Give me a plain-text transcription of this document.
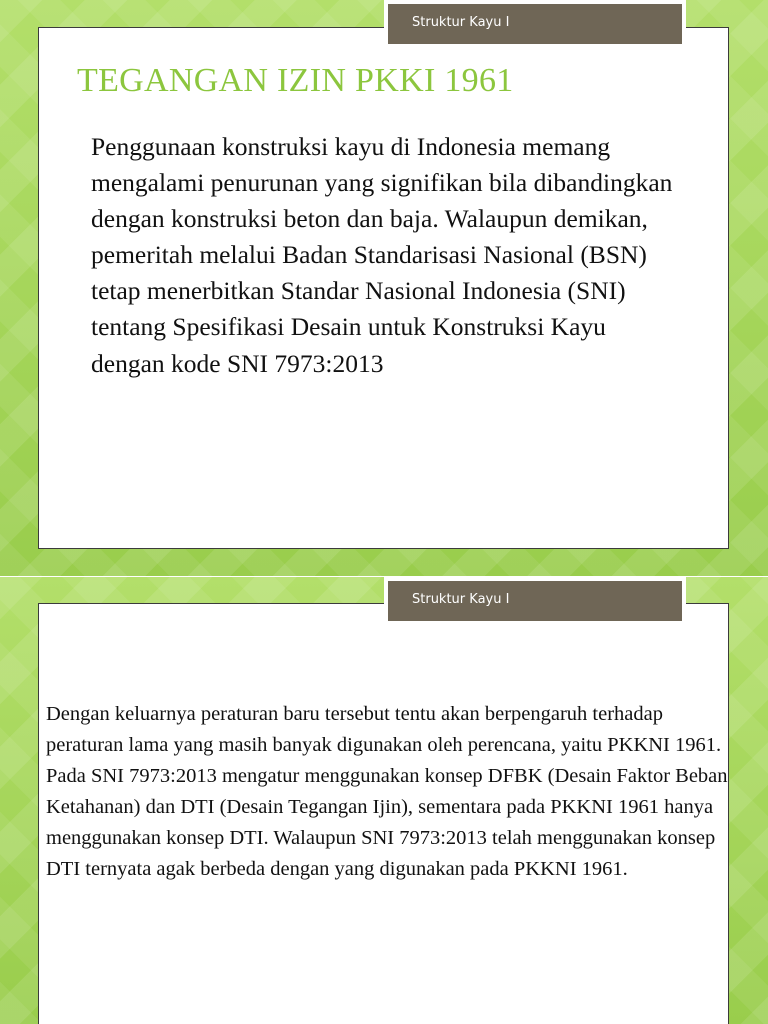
TEGANGAN IZIN PKKI 1961

Penggunaan konstruksi kayu di Indonesia memang mengalami penurunan yang signifikan bila dibandingkan dengan konstruksi beton dan baja. Walaupun demikan, pemeritah melalui Badan Standarisasi Nasional (BSN) tetap menerbitkan Standar Nasional Indonesia (SNI) tentang Spesifikasi Desain untuk Konstruksi Kayu dengan kode SNI 7973:2013

Struktur Kayu I

Dengan keluarnya peraturan baru tersebut tentu akan berpengaruh terhadap peraturan lama yang masih banyak digunakan oleh perencana, yaitu PKKNI 1961. Pada SNI 7973:2013 mengatur menggunakan konsep DFBK (Desain Faktor Beban Ketahanan) dan DTI (Desain Tegangan Ijin), sementara pada PKKNI 1961 hanya menggunakan konsep DTI. Walaupun SNI 7973:2013 telah menggunakan konsep DTI ternyata agak berbeda dengan yang digunakan pada PKKNI 1961.

Struktur Kayu I
